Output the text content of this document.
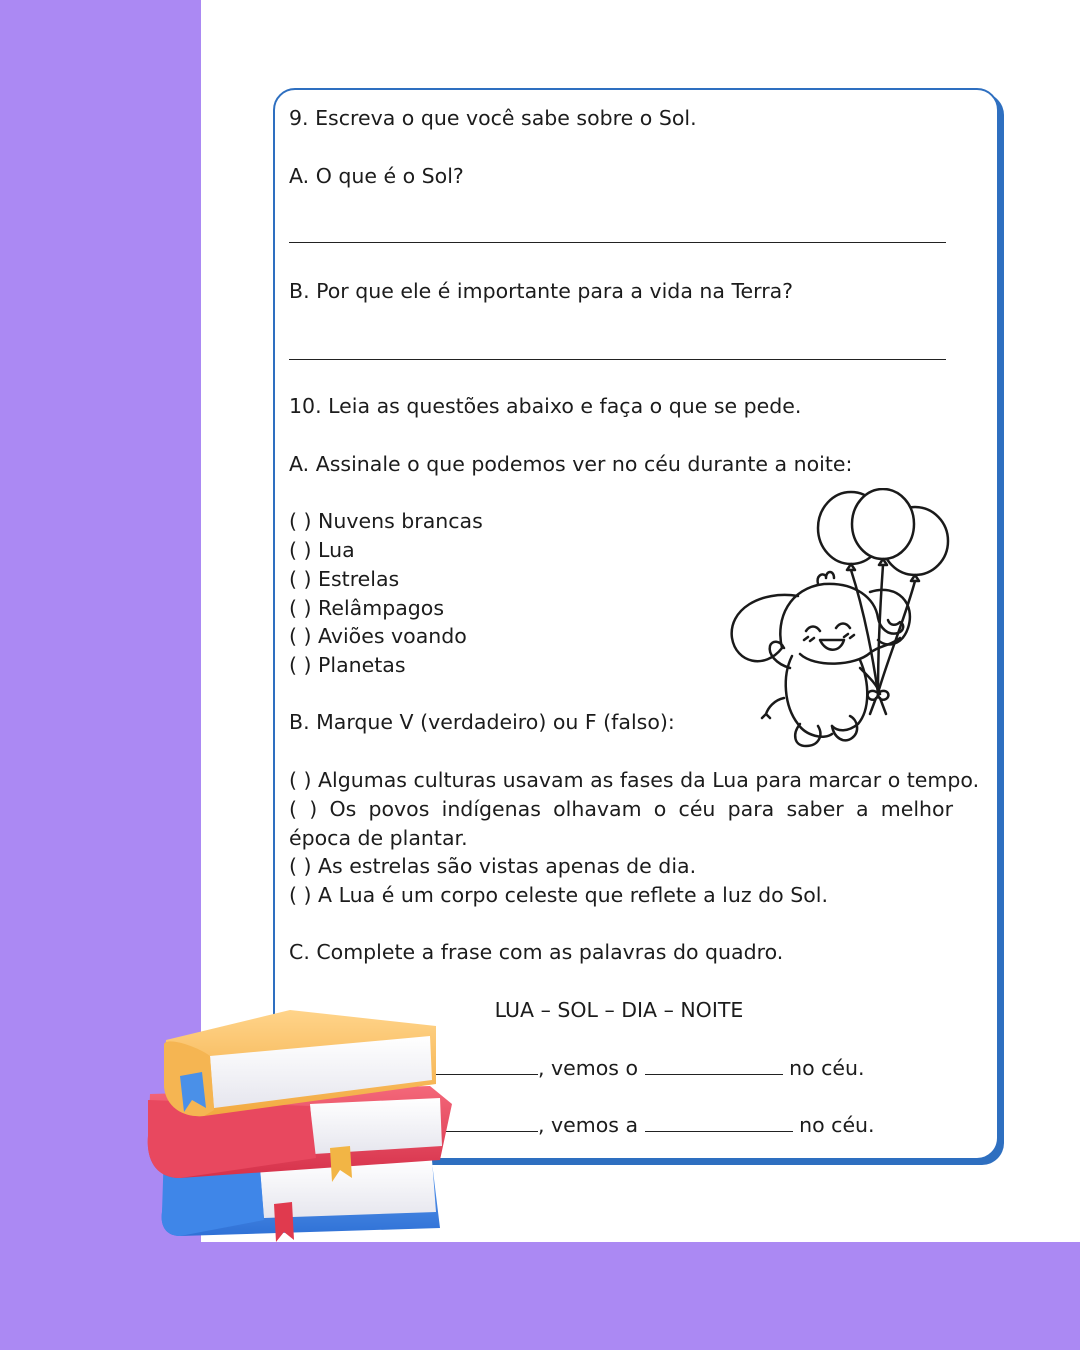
9. Escreva o que você sabe sobre o Sol.

A. O que é o Sol?

B. Por que ele é importante para a vida na Terra?

10. Leia as questões abaixo e faça o que se pede.

A. Assinale o que podemos ver no céu durante a noite:

( ) Nuvens brancas

( ) Lua

( ) Estrelas

( ) Relâmpagos

( ) Aviões voando

( ) Planetas

B. Marque V (verdadeiro) ou F (falso):

( ) Algumas culturas usavam as fases da Lua para marcar o tempo.

( ) Os povos indígenas olhavam o céu para saber a melhor época de plantar.

( ) As estrelas são vistas apenas de dia.

( ) A Lua é um corpo celeste que reflete a luz do Sol.

C. Complete a frase com as palavras do quadro.

LUA – SOL – DIA – NOITE

, vemos o	no céu.
, vemos a	no céu.
